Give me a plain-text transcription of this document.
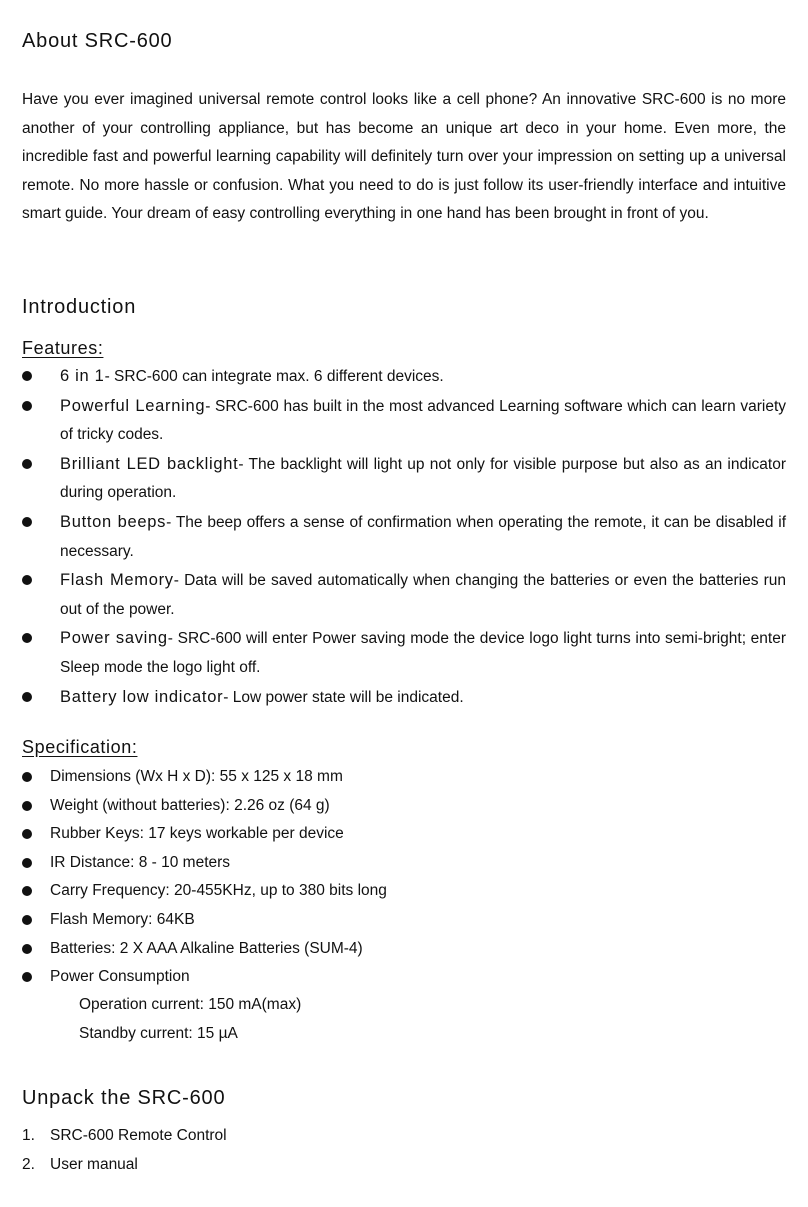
About SRC-600

Have you ever imagined universal remote control looks like a cell phone? An innovative SRC-600 is no more another of your controlling appliance, but has become an unique art deco in your home. Even more, the incredible fast and powerful learning capability will definitely turn over your impression on setting up a universal remote. No more hassle or confusion. What you need to do is just follow its user-friendly interface and intuitive smart guide. Your dream of easy controlling everything in one hand has been brought in front of you.

Introduction
Features:
6 in 1- SRC-600 can integrate max. 6 different devices.
Powerful Learning- SRC-600 has built in the most advanced Learning software which can learn variety of tricky codes.
Brilliant LED backlight- The backlight will light up not only for visible purpose but also as an indicator during operation.
Button beeps- The beep offers a sense of confirmation when operating the remote, it can be disabled if necessary.
Flash Memory- Data will be saved automatically when changing the batteries or even the batteries run out of the power.
Power saving- SRC-600 will enter Power saving mode the device logo light turns into semi-bright; enter Sleep mode the logo light off.
Battery low indicator- Low power state will be indicated.
Specification:
Dimensions (Wx H x D): 55 x 125 x 18 mm
Weight (without batteries): 2.26 oz (64 g)
Rubber Keys: 17 keys workable per device
IR Distance: 8 - 10 meters
Carry Frequency: 20-455KHz, up to 380 bits long
Flash Memory: 64KB
Batteries: 2 X AAA Alkaline Batteries (SUM-4)
Power Consumption
Operation current: 150 mA(max)
Standby current: 15 µA
Unpack the SRC-600
1. SRC-600 Remote Control
2. User manual
